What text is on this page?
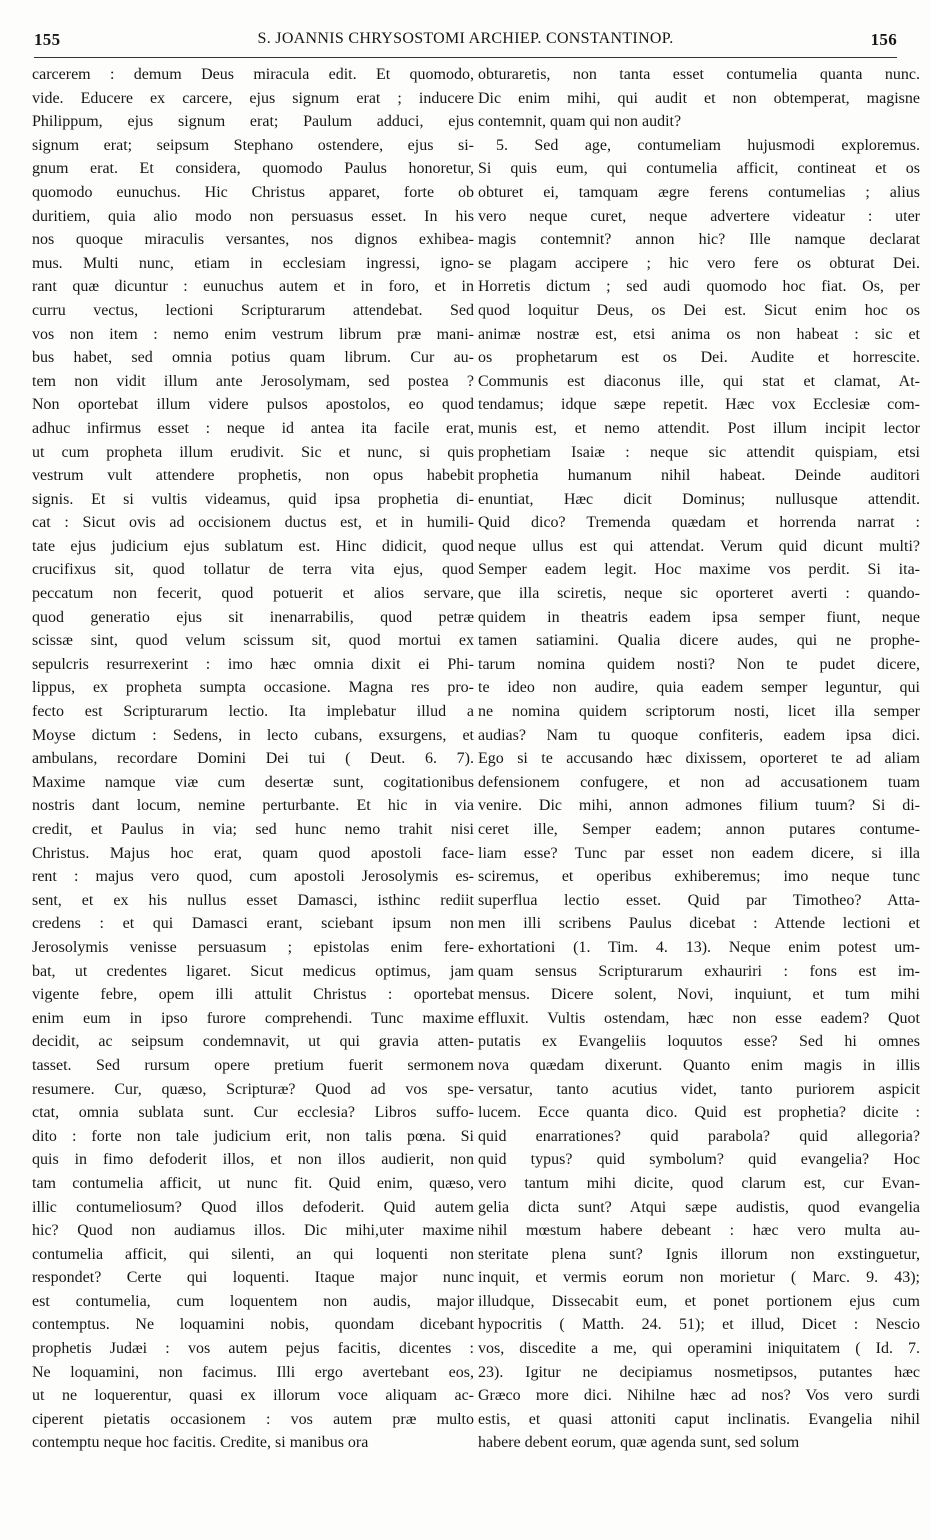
155	S. JOANNIS CHRYSOSTOMI ARCHIEP. CONSTANTINOP.	156
carcerem : demum Deus miracula edit. Et quomodo,
vide. Educere ex carcere, ejus signum erat ; inducere
Philippum, ejus signum erat; Paulum adduci, ejus
signum erat; seipsum Stephano ostendere, ejus si-
gnum erat. Et considera, quomodo Paulus honoretur,
quomodo eunuchus. Hic Christus apparet, forte ob
duritiem, quia alio modo non persuasus esset. In his
nos quoque miraculis versantes, nos dignos exhibea-
mus. Multi nunc, etiam in ecclesiam ingressi, igno-
rant quæ dicuntur : eunuchus autem et in foro, et in
curru vectus, lectioni Scripturarum attendebat. Sed
vos non item : nemo enim vestrum librum præ mani-
bus habet, sed omnia potius quam librum. Cur au-
tem non vidit illum ante Jerosolymam, sed postea ?
Non oportebat illum videre pulsos apostolos, eo quod
adhuc infirmus esset : neque id antea ita facile erat,
ut cum propheta illum erudivit. Sic et nunc, si quis
vestrum vult attendere prophetis, non opus habebit
signis. Et si vultis videamus, quid ipsa prophetia di-
cat : Sicut ovis ad occisionem ductus est, et in humili-
tate ejus judicium ejus sublatum est. Hinc didicit, quod
crucifixus sit, quod tollatur de terra vita ejus, quod
peccatum non fecerit, quod potuerit et alios servare,
quod generatio ejus sit inenarrabilis, quod petræ
scissæ sint, quod velum scissum sit, quod mortui ex
sepulcris resurrexerint : imo hæc omnia dixit ei Phi-
lippus, ex propheta sumpta occasione. Magna res pro-
fecto est Scripturarum lectio. Ita implebatur illud a
Moyse dictum : Sedens, in lecto cubans, exsurgens, et
ambulans, recordare Domini Dei tui ( Deut. 6. 7).
Maxime namque viæ cum desertæ sunt, cogitationibus
nostris dant locum, nemine perturbante. Et hic in via
credit, et Paulus in via; sed hunc nemo trahit nisi
Christus. Majus hoc erat, quam quod apostoli face-
rent : majus vero quod, cum apostoli Jerosolymis es-
sent, et ex his nullus esset Damasci, isthinc rediit
credens : et qui Damasci erant, sciebant ipsum non
Jerosolymis venisse persuasum ; epistolas enim fere-
bat, ut credentes ligaret. Sicut medicus optimus, jam
vigente febre, opem illi attulit Christus : oportebat
enim eum in ipso furore comprehendi. Tunc maxime
decidit, ac seipsum condemnavit, ut qui gravia atten-
tasset. Sed rursum opere pretium fuerit sermonem
resumere. Cur, quæso, Scripturæ? Quod ad vos spe-
ctat, omnia sublata sunt. Cur ecclesia? Libros suffo-
dito : forte non tale judicium erit, non talis pœna. Si
quis in fimo defoderit illos, et non illos audierit, non
tam contumelia afficit, ut nunc fit. Quid enim, quæso,
illic contumeliosum? Quod illos defoderit. Quid autem
hic? Quod non audiamus illos. Dic mihi,uter maxime
contumelia afficit, qui silenti, an qui loquenti non
respondet? Certe qui loquenti. Itaque major nunc
est contumelia, cum loquentem non audis, major
contemptus. Ne loquamini nobis, quondam dicebant
prophetis Judæi : vos autem pejus facitis, dicentes :
Ne loquamini, non facimus. Illi ergo avertebant eos,
ut ne loquerentur, quasi ex illorum voce aliquam ac-
ciperent pietatis occasionem : vos autem præ multo
contemptu neque hoc facitis. Credite, si manibus ora
obturaretis, non tanta esset contumelia quanta nunc.
Dic enim mihi, qui audit et non obtemperat, magisne
contemnit, quam qui non audit?
5. Sed age, contumeliam hujusmodi exploremus.
Si quis eum, qui contumelia afficit, contineat et os
obturet ei, tamquam ægre ferens contumelias ; alius
vero neque curet, neque advertere videatur : uter
magis contemnit? annon hic? Ille namque declarat
se plagam accipere ; hic vero fere os obturat Dei.
Horretis dictum ; sed audi quomodo hoc fiat. Os, per
quod loquitur Deus, os Dei est. Sicut enim hoc os
animæ nostræ est, etsi anima os non habeat : sic et
os prophetarum est os Dei. Audite et horrescite.
Communis est diaconus ille, qui stat et clamat, At-
tendamus; idque sæpe repetit. Hæc vox Ecclesiæ com-
munis est, et nemo attendit. Post illum incipit lector
prophetiam Isaiæ : neque sic attendit quispiam, etsi
prophetia humanum nihil habeat. Deinde auditori
enuntiat, Hæc dicit Dominus; nullusque attendit.
Quid dico? Tremenda quædam et horrenda narrat :
neque ullus est qui attendat. Verum quid dicunt multi?
Semper eadem legit. Hoc maxime vos perdit. Si ita-
que illa sciretis, neque sic oporteret averti : quando-
quidem in theatris eadem ipsa semper fiunt, neque
tamen satiamini. Qualia dicere audes, qui ne prophe-
tarum nomina quidem nosti? Non te pudet dicere,
te ideo non audire, quia eadem semper leguntur, qui
ne nomina quidem scriptorum nosti, licet illa semper
audias? Nam tu quoque confiteris, eadem ipsa dici.
Ego si te accusando hæc dixissem, oporteret te ad aliam
defensionem confugere, et non ad accusationem tuam
venire. Dic mihi, annon admones filium tuum? Si di-
ceret ille, Semper eadem; annon putares contume-
liam esse? Tunc par esset non eadem dicere, si illa
sciremus, et operibus exhiberemus; imo neque tunc
superflua lectio esset. Quid par Timotheo? Atta-
men illi scribens Paulus dicebat : Attende lectioni et
exhortationi (1. Tim. 4. 13). Neque enim potest um-
quam sensus Scripturarum exhauriri : fons est im-
mensus. Dicere solent, Novi, inquiunt, et tum mihi
effluxit. Vultis ostendam, hæc non esse eadem? Quot
putatis ex Evangeliis loquutos esse? Sed hi omnes
nova quædam dixerunt. Quanto enim magis in illis
versatur, tanto acutius videt, tanto puriorem aspicit
lucem. Ecce quanta dico. Quid est prophetia? dicite :
quid enarrationes? quid parabola? quid allegoria?
quid typus? quid symbolum? quid evangelia? Hoc
vero tantum mihi dicite, quod clarum est, cur Evan-
gelia dicta sunt? Atqui sæpe audistis, quod evangelia
nihil mœstum habere debeant : hæc vero multa au-
steritate plena sunt? Ignis illorum non exstinguetur,
inquit, et vermis eorum non morietur ( Marc. 9. 43);
illudque, Dissecabit eum, et ponet portionem ejus cum
hypocritis ( Matth. 24. 51); et illud, Dicet : Nescio
vos, discedite a me, qui operamini iniquitatem ( Id. 7.
23). Igitur ne decipiamus nosmetipsos, putantes hæc
Græco more dici. Nihilne hæc ad nos? Vos vero surdi
estis, et quasi attoniti caput inclinatis. Evangelia nihil
habere debent eorum, quæ agenda sunt, sed solum
